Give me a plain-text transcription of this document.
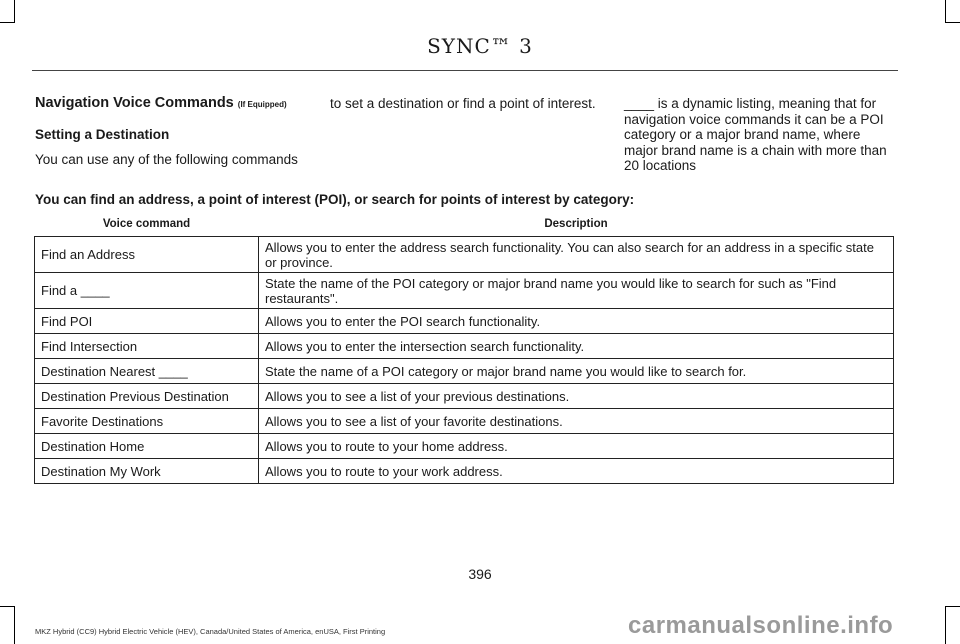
SYNC™ 3

Navigation Voice Commands (If Equipped)

Setting a Destination

You can use any of the following commands

to set a destination or find a point of interest.	____ is a dynamic listing, meaning that for navigation voice commands it can be a POI category or a major brand name, where major brand name is a chain with more than 20 locations

You can find an address, a point of interest (POI), or search for points of interest by category:
Voice command	Description
Find an Address	Allows you to enter the address search functionality. You can also search for an address in a specific state or province.
Find a ____	State the name of the POI category or major brand name you would like to search for such as "Find restaurants".
Find POI	Allows you to enter the POI search functionality.
Find Intersection	Allows you to enter the intersection search functionality.
Destination Nearest ____	State the name of a POI category or major brand name you would like to search for.
Destination Previous Destination	Allows you to see a list of your previous destinations.
Favorite Destinations	Allows you to see a list of your favorite destinations.
Destination Home	Allows you to route to your home address.
Destination My Work	Allows you to route to your work address.
396
MKZ Hybrid (CC9) Hybrid Electric Vehicle (HEV), Canada/United States of America, enUSA, First Printing	carmanualsonline.info
